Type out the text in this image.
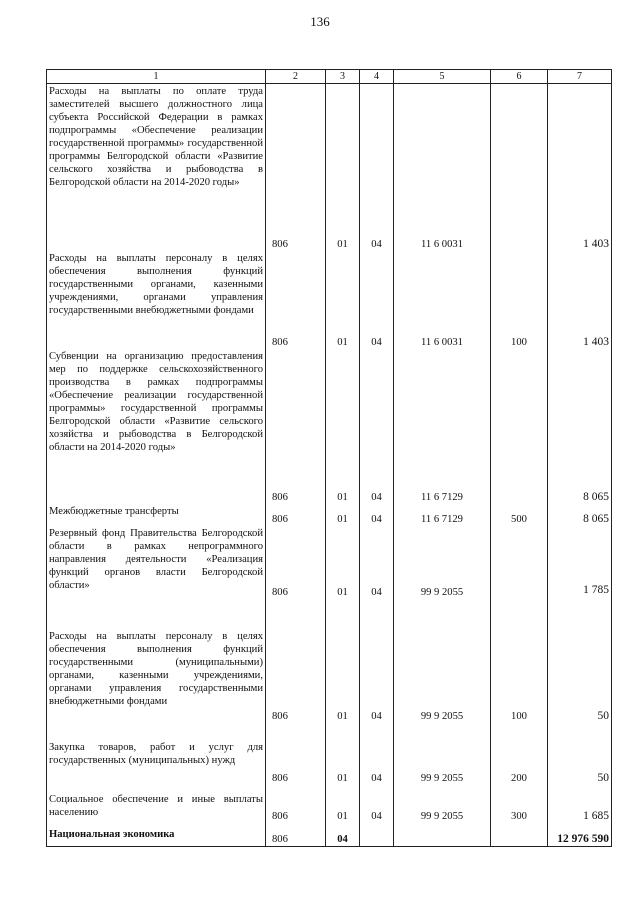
136
1	2	3	4	5	6	7
Расходы на выплаты по оплате труда заместителей высшего должностного лица субъекта Российской Федерации в рамках подпрограммы «Обеспечение реализации государственной программы» государственной программы Белгородской области «Развитие сельского хозяйства и рыбоводства в Белгородской области на 2014-2020 годы»	806	01	04	11 6 0031		1 403
Расходы на выплаты персоналу в целях обеспечения выполнения функций государственными органами, казенными учреждениями, органами управления государственными внебюджетными фондами	806	01	04	11 6 0031	100	1 403
Субвенции на организацию предоставления мер по поддержке сельскохозяйственного производства в рамках подпрограммы «Обеспечение реализации государственной программы» государственной программы Белгородской области «Развитие сельского хозяйства и рыбоводства в Белгородской области на 2014-2020 годы»	806	01	04	11 6 7129		8 065
Межбюджетные трансферты	806	01	04	11 6 7129	500	8 065
Резервный фонд Правительства Белгородской области в рамках непрограммного направления деятельности «Реализация функций органов власти Белгородской области»	806	01	04	99 9 2055		1 785
Расходы на выплаты персоналу в целях обеспечения выполнения функций государственными (муниципальными) органами, казенными учреждениями, органами управления государственными внебюджетными фондами	806	01	04	99 9 2055	100	50
Закупка товаров, работ и услуг для государственных (муниципальных) нужд	806	01	04	99 9 2055	200	50
Социальное обеспечение и иные выплаты населению	806	01	04	99 9 2055	300	1 685
Национальная экономика	806	04				12 976 590
